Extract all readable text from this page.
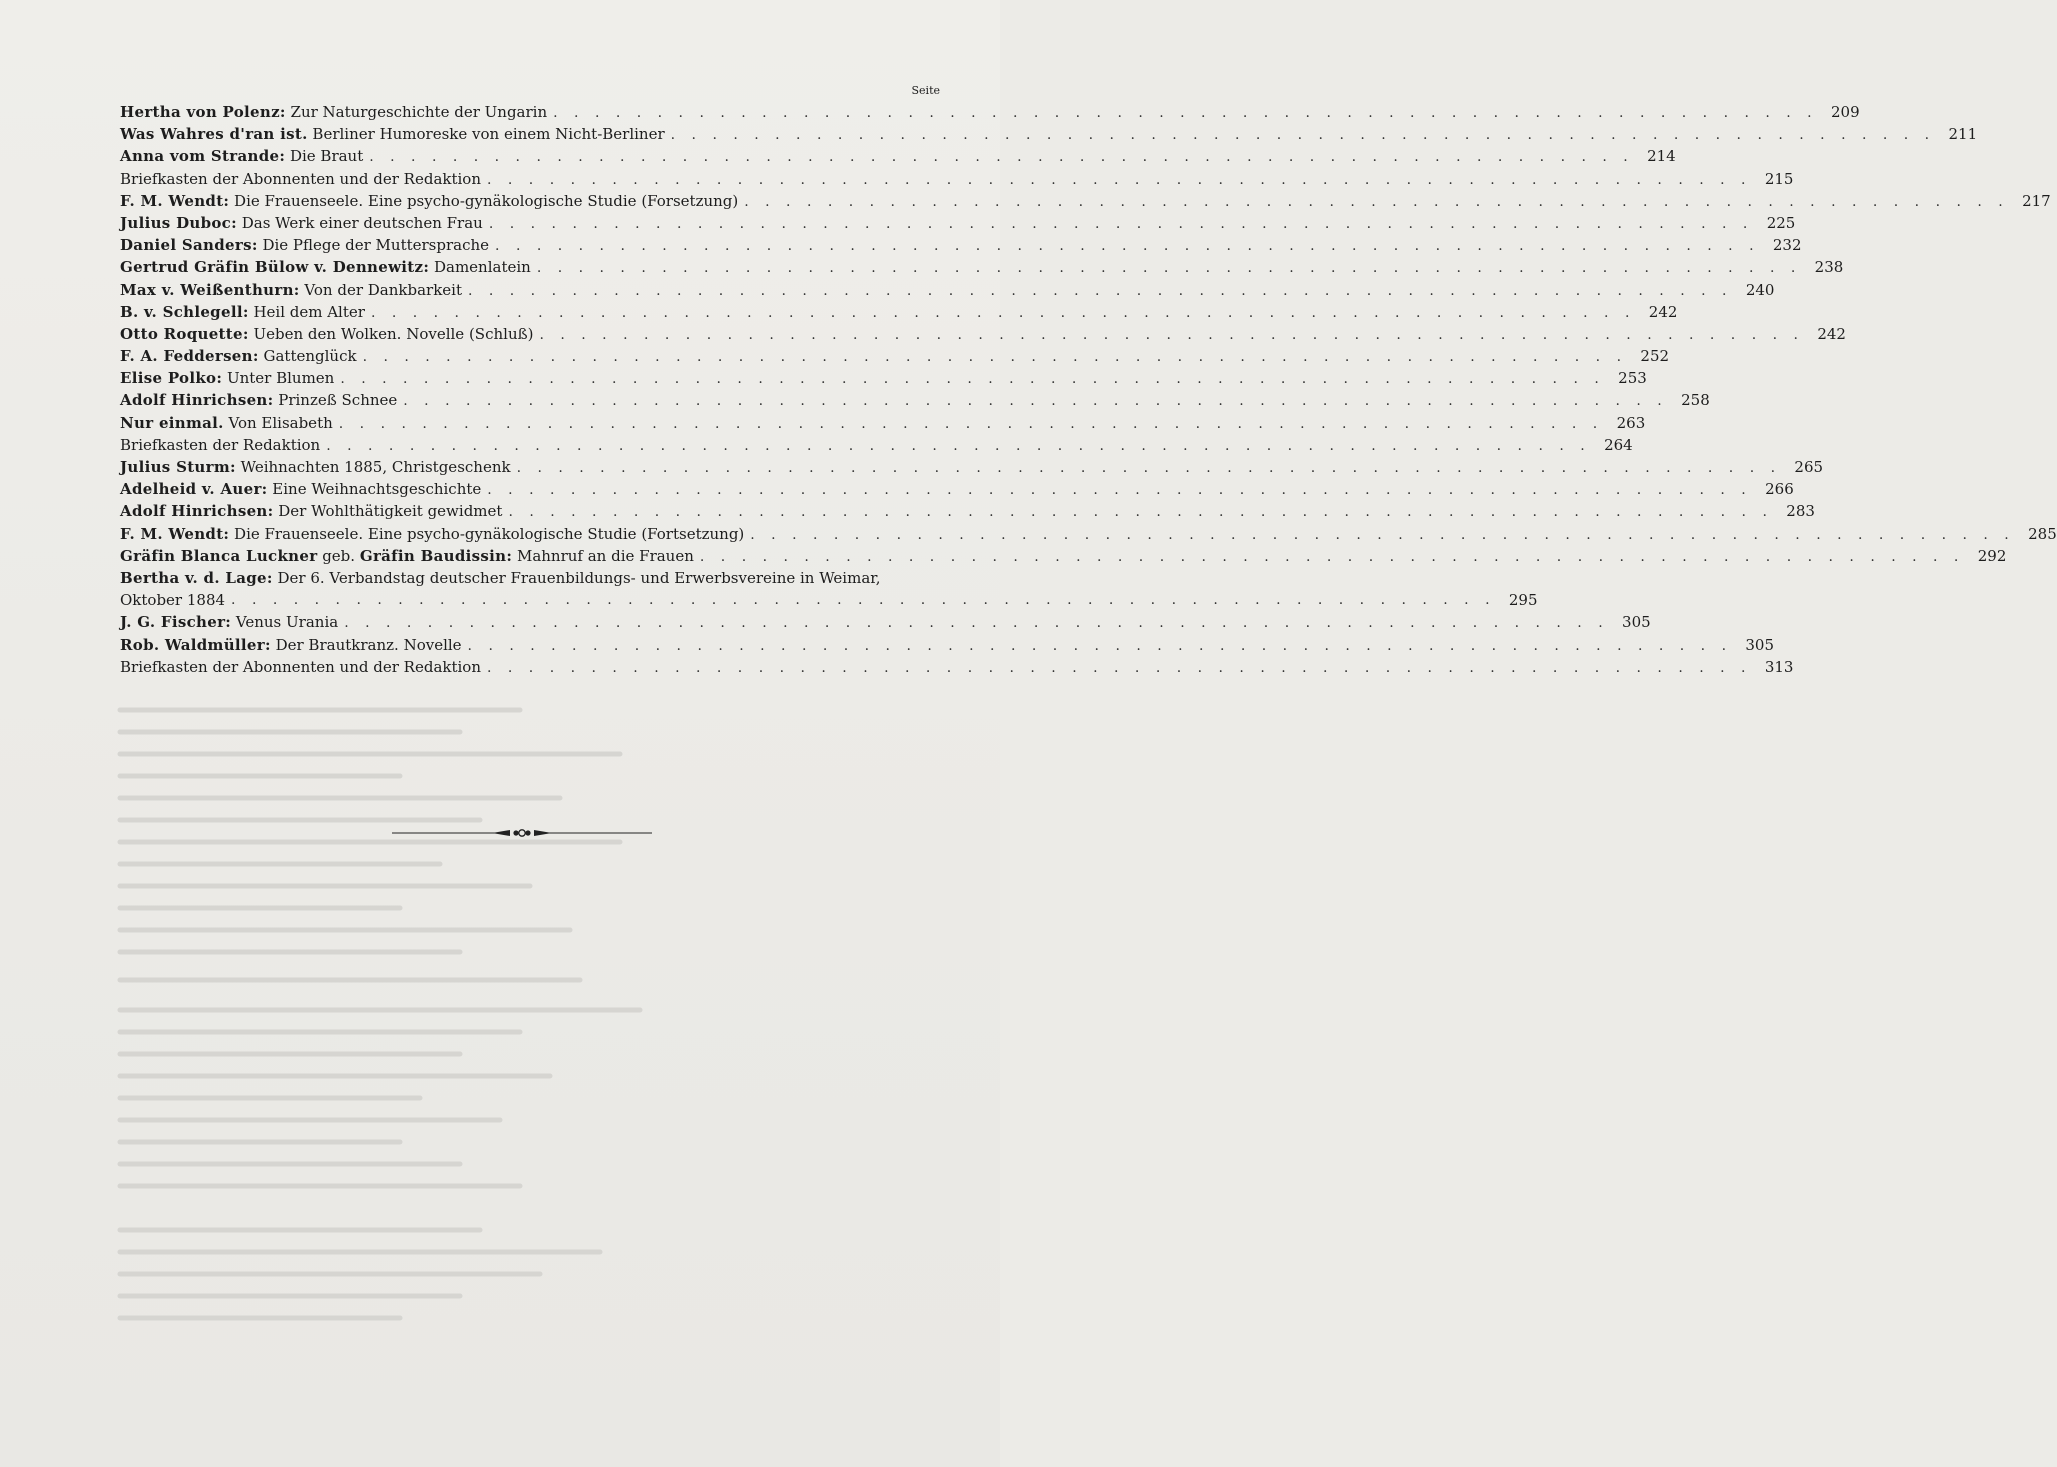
Seite
Hertha von Polenz: Zur Naturgeschichte der Ungarin . . . . . . . . . . . . . . . . . . . . . . . . . . . . . . . . . . . . . . . . . . . . . . . . . . . . . . . . . . . . . 209
Was Wahres d'ran ist. Berliner Humoreske von einem Nicht-Berliner . . . . . . . . . . . . . . . . . . . . . . . . . . . . . . . . . . . . . . . . . . . . . . . . . . . . . . . . . . . . . 211
Anna vom Strande: Die Braut . . . . . . . . . . . . . . . . . . . . . . . . . . . . . . . . . . . . . . . . . . . . . . . . . . . . . . . . . . . . . 214
Briefkasten der Abonnenten und der Redaktion . . . . . . . . . . . . . . . . . . . . . . . . . . . . . . . . . . . . . . . . . . . . . . . . . . . . . . . . . . . . . 215
F. M. Wendt: Die Frauenseele. Eine psycho-gynäkologische Studie (Forsetzung) . . . . . . . . . . . . . . . . . . . . . . . . . . . . . . . . . . . . . . . . . . . . . . . . . . . . . . . . . . . . . 217
Julius Duboc: Das Werk einer deutschen Frau . . . . . . . . . . . . . . . . . . . . . . . . . . . . . . . . . . . . . . . . . . . . . . . . . . . . . . . . . . . . . 225
Daniel Sanders: Die Pflege der Muttersprache . . . . . . . . . . . . . . . . . . . . . . . . . . . . . . . . . . . . . . . . . . . . . . . . . . . . . . . . . . . . . 232
Gertrud Gräfin Bülow v. Dennewitz: Damenlatein . . . . . . . . . . . . . . . . . . . . . . . . . . . . . . . . . . . . . . . . . . . . . . . . . . . . . . . . . . . . . 238
Max v. Weißenthurn: Von der Dankbarkeit . . . . . . . . . . . . . . . . . . . . . . . . . . . . . . . . . . . . . . . . . . . . . . . . . . . . . . . . . . . . . 240
B. v. Schlegell: Heil dem Alter . . . . . . . . . . . . . . . . . . . . . . . . . . . . . . . . . . . . . . . . . . . . . . . . . . . . . . . . . . . . . 242
Otto Roquette: Ueben den Wolken. Novelle (Schluß) . . . . . . . . . . . . . . . . . . . . . . . . . . . . . . . . . . . . . . . . . . . . . . . . . . . . . . . . . . . . . 242
F. A. Feddersen: Gattenglück . . . . . . . . . . . . . . . . . . . . . . . . . . . . . . . . . . . . . . . . . . . . . . . . . . . . . . . . . . . . . 252
Elise Polko: Unter Blumen . . . . . . . . . . . . . . . . . . . . . . . . . . . . . . . . . . . . . . . . . . . . . . . . . . . . . . . . . . . . . 253
Adolf Hinrichsen: Prinzeß Schnee . . . . . . . . . . . . . . . . . . . . . . . . . . . . . . . . . . . . . . . . . . . . . . . . . . . . . . . . . . . . . 258
Nur einmal. Von Elisabeth . . . . . . . . . . . . . . . . . . . . . . . . . . . . . . . . . . . . . . . . . . . . . . . . . . . . . . . . . . . . . 263
Briefkasten der Redaktion . . . . . . . . . . . . . . . . . . . . . . . . . . . . . . . . . . . . . . . . . . . . . . . . . . . . . . . . . . . . . 264
Julius Sturm: Weihnachten 1885, Christgeschenk . . . . . . . . . . . . . . . . . . . . . . . . . . . . . . . . . . . . . . . . . . . . . . . . . . . . . . . . . . . . . 265
Adelheid v. Auer: Eine Weihnachtsgeschichte . . . . . . . . . . . . . . . . . . . . . . . . . . . . . . . . . . . . . . . . . . . . . . . . . . . . . . . . . . . . . 266
Adolf Hinrichsen: Der Wohlthätigkeit gewidmet . . . . . . . . . . . . . . . . . . . . . . . . . . . . . . . . . . . . . . . . . . . . . . . . . . . . . . . . . . . . . 283
F. M. Wendt: Die Frauenseele. Eine psycho-gynäkologische Studie (Fortsetzung) . . . . . . . . . . . . . . . . . . . . . . . . . . . . . . . . . . . . . . . . . . . . . . . . . . . . . . . . . . . . . 285
Gräfin Blanca Luckner geb. Gräfin Baudissin: Mahnruf an die Frauen . . . . . . . . . . . . . . . . . . . . . . . . . . . . . . . . . . . . . . . . . . . . . . . . . . . . . . . . . . . . . 292
Bertha v. d. Lage: Der 6. Verbandstag deutscher Frauenbildungs- und Erwerbsvereine in Weimar,
Oktober 1884 . . . . . . . . . . . . . . . . . . . . . . . . . . . . . . . . . . . . . . . . . . . . . . . . . . . . . . . . . . . . . 295
J. G. Fischer: Venus Urania . . . . . . . . . . . . . . . . . . . . . . . . . . . . . . . . . . . . . . . . . . . . . . . . . . . . . . . . . . . . . 305
Rob. Waldmüller: Der Brautkranz. Novelle . . . . . . . . . . . . . . . . . . . . . . . . . . . . . . . . . . . . . . . . . . . . . . . . . . . . . . . . . . . . . 305
Briefkasten der Abonnenten und der Redaktion . . . . . . . . . . . . . . . . . . . . . . . . . . . . . . . . . . . . . . . . . . . . . . . . . . . . . . . . . . . . . 313
